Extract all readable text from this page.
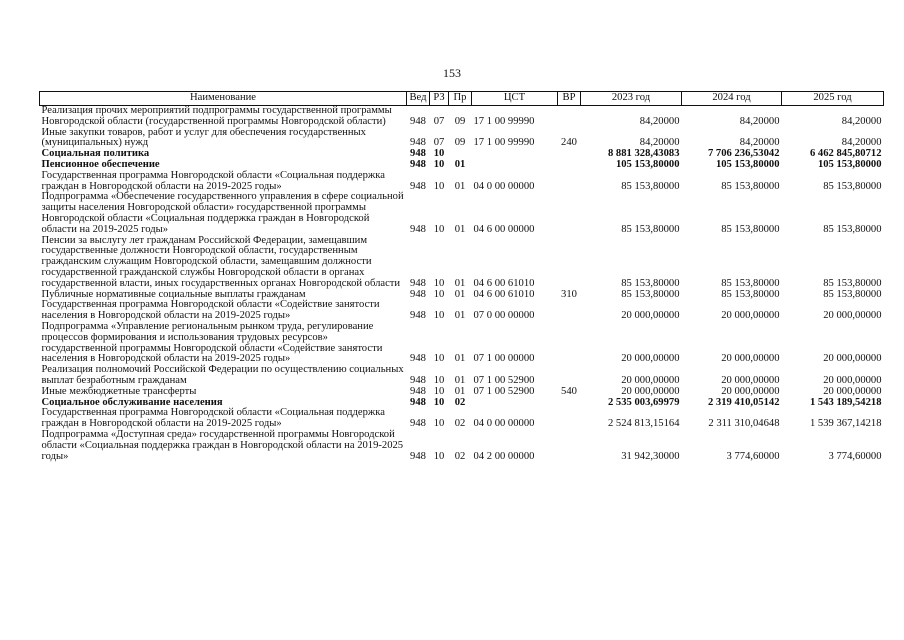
153
Наименование	Вед	РЗ	Пр	ЦСТ	ВР	2023 год	2024 год	2025 год
Реализация прочих мероприятий подпрограммы государственной программы Новгородской области (государственной программы Новгородской области)	948	07	09	17 1 00 99990		84,20000	84,20000	84,20000
Иные закупки товаров, работ и услуг для обеспечения государственных (муниципальных) нужд	948	07	09	17 1 00 99990	240	84,20000	84,20000	84,20000
Социальная политика	948	10				8 881 328,43083	7 706 236,53042	6 462 845,80712
Пенсионное обеспечение	948	10	01			105 153,80000	105 153,80000	105 153,80000
Государственная программа Новгородской области «Социальная поддержка граждан в Новгородской области на 2019-2025 годы»	948	10	01	04 0 00 00000		85 153,80000	85 153,80000	85 153,80000
Подпрограмма «Обеспечение государственного управления в сфере социальной защиты населения Новгородской области» государственной программы Новгородской области «Социальная поддержка граждан в Новгородской области на 2019-2025 годы»	948	10	01	04 6 00 00000		85 153,80000	85 153,80000	85 153,80000
Пенсии за выслугу лет гражданам Российской Федерации, замещавшим государственные должности Новгородской области, государственным гражданским служащим Новгородской области, замещавшим должности государственной гражданской службы Новгородской области в органах государственной власти, иных государственных органах Новгородской области	948	10	01	04 6 00 61010		85 153,80000	85 153,80000	85 153,80000
Публичные нормативные социальные выплаты гражданам	948	10	01	04 6 00 61010	310	85 153,80000	85 153,80000	85 153,80000
Государственная программа Новгородской области «Содействие занятости населения в Новгородской области на 2019-2025 годы»	948	10	01	07 0 00 00000		20 000,00000	20 000,00000	20 000,00000
Подпрограмма «Управление региональным рынком труда, регулирование процессов формирования и использования трудовых ресурсов» государственной программы Новгородской области «Содействие занятости населения в Новгородской области на 2019-2025 годы»	948	10	01	07 1 00 00000		20 000,00000	20 000,00000	20 000,00000
Реализация полномочий Российской Федерации по осуществлению социальных выплат безработным гражданам	948	10	01	07 1 00 52900		20 000,00000	20 000,00000	20 000,00000
Иные межбюджетные трансферты	948	10	01	07 1 00 52900	540	20 000,00000	20 000,00000	20 000,00000
Социальное обслуживание населения	948	10	02			2 535 003,69979	2 319 410,05142	1 543 189,54218
Государственная программа Новгородской области «Социальная поддержка граждан в Новгородской области на 2019-2025 годы»	948	10	02	04 0 00 00000		2 524 813,15164	2 311 310,04648	1 539 367,14218
Подпрограмма «Доступная среда» государственной программы Новгородской области «Социальная поддержка граждан в Новгородской области на 2019-2025 годы»	948	10	02	04 2 00 00000		31 942,30000	3 774,60000	3 774,60000
